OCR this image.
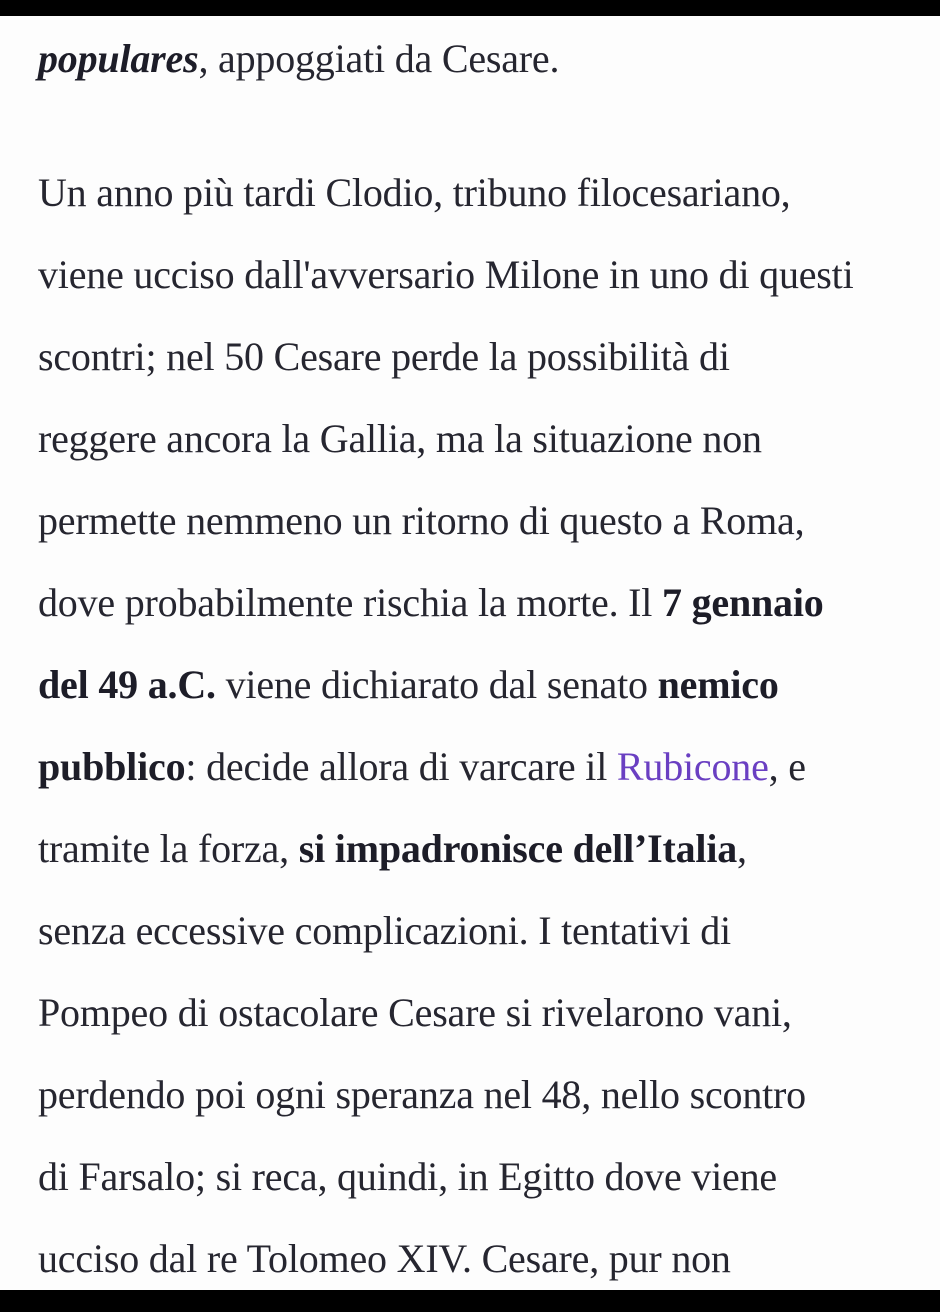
populares, appoggiati da Cesare.
Un anno più tardi Clodio, tribuno filocesariano,
viene ucciso dall'avversario Milone in uno di questi
scontri; nel 50 Cesare perde la possibilità di
reggere ancora la Gallia, ma la situazione non
permette nemmeno un ritorno di questo a Roma,
dove probabilmente rischia la morte. Il 7 gennaio
del 49 a.C. viene dichiarato dal senato nemico
pubblico: decide allora di varcare il Rubicone, e
tramite la forza, si impadronisce dell’Italia,
senza eccessive complicazioni. I tentativi di
Pompeo di ostacolare Cesare si rivelarono vani,
perdendo poi ogni speranza nel 48, nello scontro
di Farsalo; si reca, quindi, in Egitto dove viene
ucciso dal re Tolomeo XIV. Cesare, pur non
